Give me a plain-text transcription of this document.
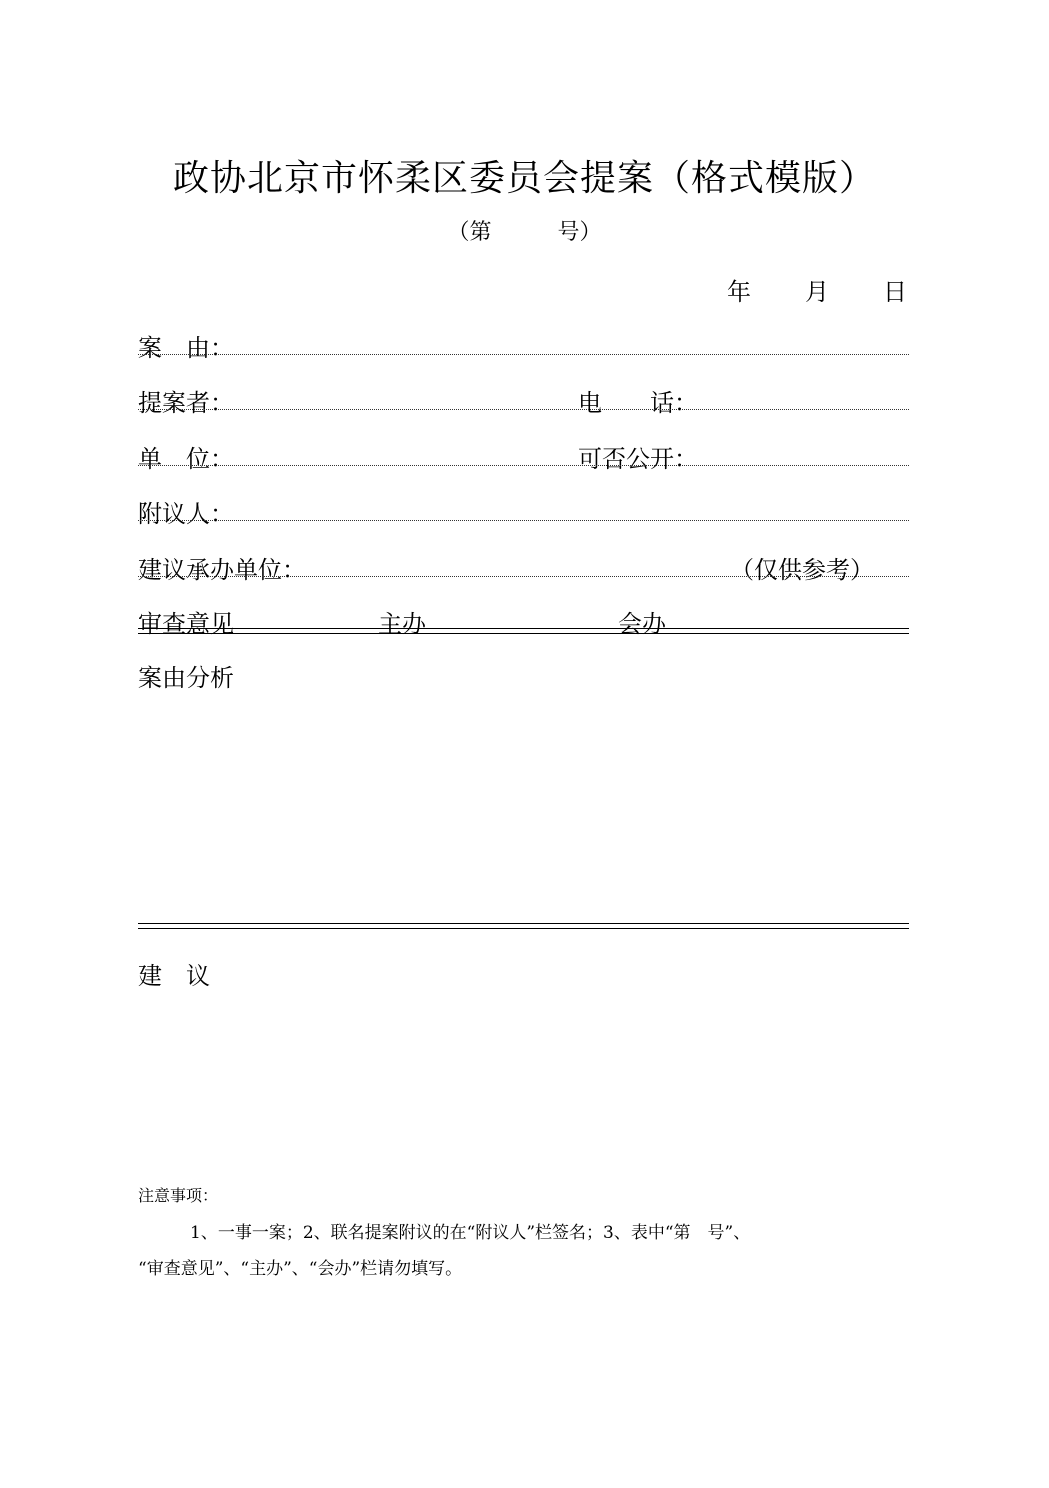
政协北京市怀柔区委员会提案（格式模版）
（第　　　号）
年 月 日
案　由：
提案者：	电　　话：
单　位：	可否公开：
附议人：
建议承办单位：	（仅供参考）
审查意见	主办	会办
案由分析
建　议
注意事项：
1、一事一案；2、联名提案附议的在“附议人”栏签名；3、表中“第　号”、
“审查意见”、“主办”、“会办”栏请勿填写。
